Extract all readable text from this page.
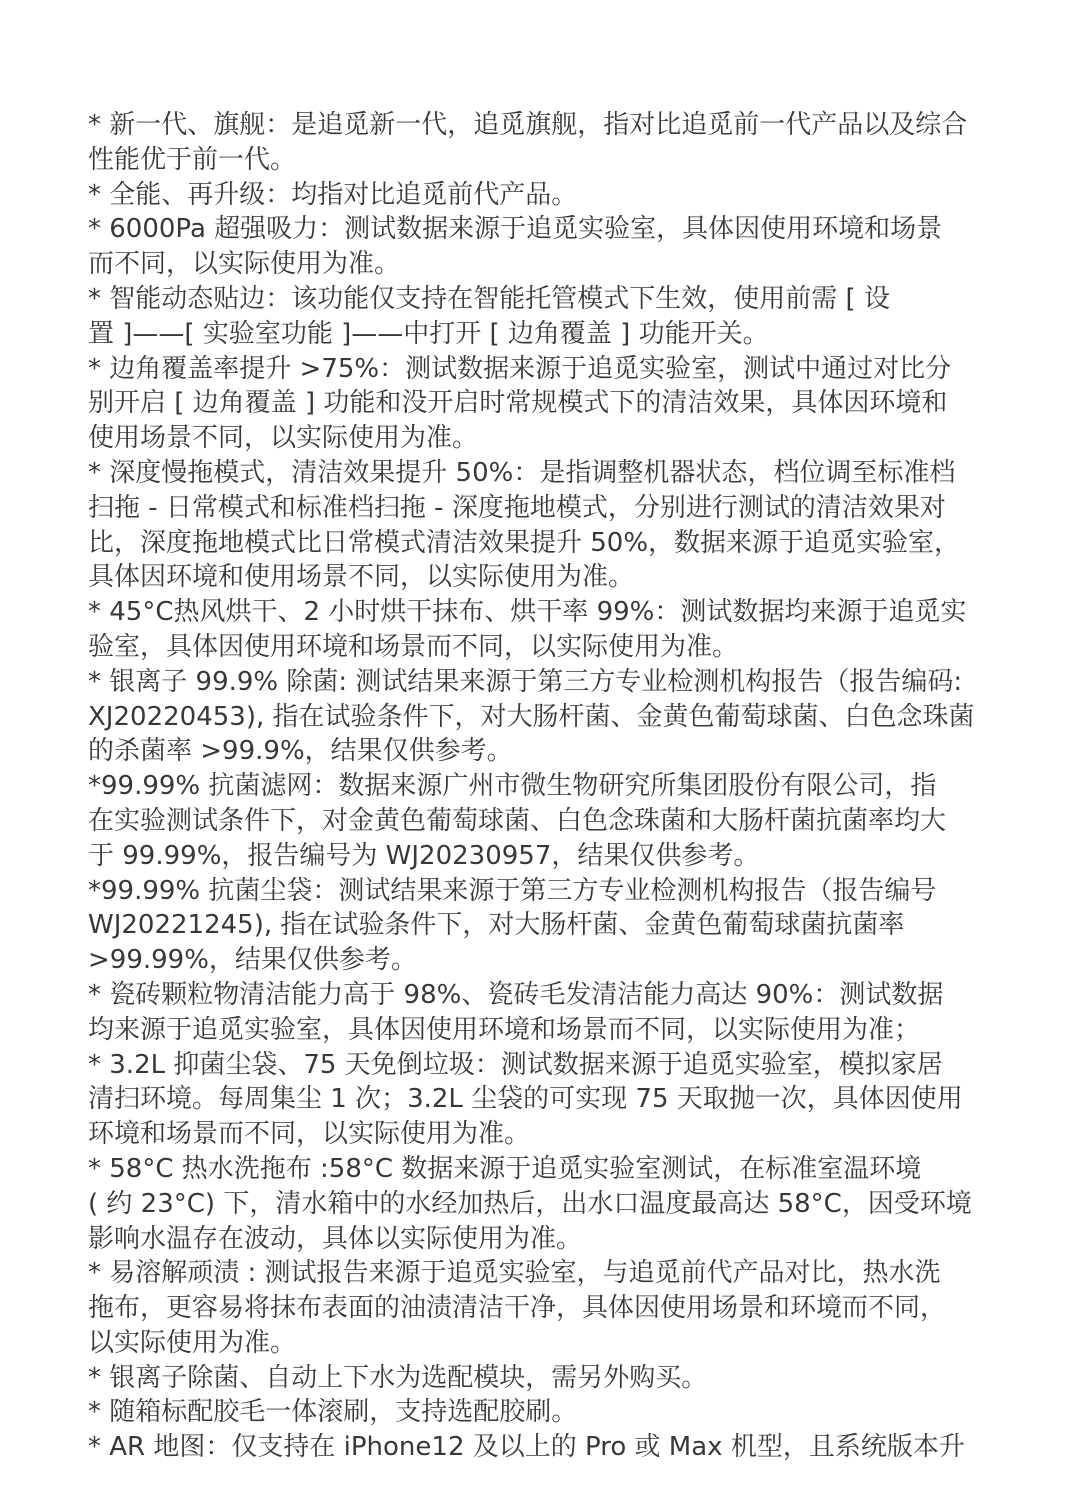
* 新一代、旗舰：是追觅新一代，追觅旗舰，指对比追觅前一代产品以及综合
性能优于前一代。
* 全能、再升级：均指对比追觅前代产品。
* 6000Pa 超强吸力：测试数据来源于追觅实验室，具体因使用环境和场景
而不同，以实际使用为准。
* 智能动态贴边：该功能仅支持在智能托管模式下生效，使用前需 [ 设
置 ]——[ 实验室功能 ]——中打开 [ 边角覆盖 ] 功能开关。
* 边角覆盖率提升 >75%：测试数据来源于追觅实验室，测试中通过对比分
别开启 [ 边角覆盖 ] 功能和没开启时常规模式下的清洁效果，具体因环境和
使用场景不同，以实际使用为准。
* 深度慢拖模式，清洁效果提升 50%：是指调整机器状态，档位调至标准档
扫拖 - 日常模式和标准档扫拖 - 深度拖地模式，分别进行测试的清洁效果对
比，深度拖地模式比日常模式清洁效果提升 50%，数据来源于追觅实验室，
具体因环境和使用场景不同，以实际使用为准。
* 45°C热风烘干、2 小时烘干抹布、烘干率 99%：测试数据均来源于追觅实
验室，具体因使用环境和场景而不同，以实际使用为准。
* 银离子 99.9% 除菌: 测试结果来源于第三方专业检测机构报告（报告编码:
XJ20220453), 指在试验条件下，对大肠杆菌、金黄色葡萄球菌、白色念珠菌
的杀菌率 >99.9%，结果仅供参考。
*99.99% 抗菌滤网：数据来源广州市微生物研究所集团股份有限公司，指
在实验测试条件下，对金黄色葡萄球菌、白色念珠菌和大肠杆菌抗菌率均大
于 99.99%，报告编号为 WJ20230957，结果仅供参考。
*99.99% 抗菌尘袋：测试结果来源于第三方专业检测机构报告（报告编号
WJ20221245), 指在试验条件下，对大肠杆菌、金黄色葡萄球菌抗菌率
>99.99%，结果仅供参考。
* 瓷砖颗粒物清洁能力高于 98%、瓷砖毛发清洁能力高达 90%：测试数据
均来源于追觅实验室，具体因使用环境和场景而不同，以实际使用为准；
* 3.2L 抑菌尘袋、75 天免倒垃圾：测试数据来源于追觅实验室，模拟家居
清扫环境。每周集尘 1 次；3.2L 尘袋的可实现 75 天取抛一次，具体因使用
环境和场景而不同，以实际使用为准。
* 58°C 热水洗拖布 :58°C 数据来源于追觅实验室测试，在标准室温环境
( 约 23°C) 下，清水箱中的水经加热后，出水口温度最高达 58°C，因受环境
影响水温存在波动，具体以实际使用为准。
* 易溶解顽渍 : 测试报告来源于追觅实验室，与追觅前代产品对比，热水洗
拖布，更容易将抹布表面的油渍清洁干净，具体因使用场景和环境而不同，
以实际使用为准。
* 银离子除菌、自动上下水为选配模块，需另外购买。
* 随箱标配胶毛一体滚刷，支持选配胶刷。
* AR 地图：仅支持在 iPhone12 及以上的 Pro 或 Max 机型，且系统版本升
